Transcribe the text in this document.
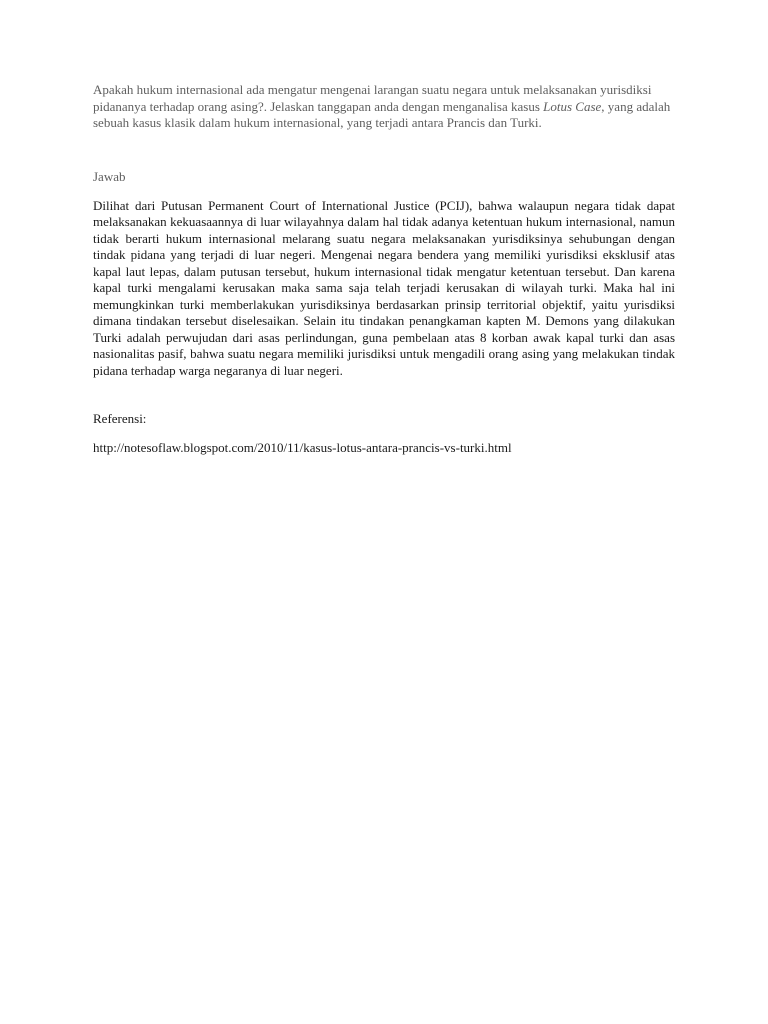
Apakah hukum internasional ada mengatur mengenai larangan suatu negara untuk melaksanakan yurisdiksi pidananya terhadap orang asing?. Jelaskan tanggapan anda dengan menganalisa kasus Lotus Case, yang adalah sebuah kasus klasik dalam hukum internasional, yang terjadi antara Prancis dan Turki.

Jawab
Dilihat dari Putusan Permanent Court of International Justice (PCIJ), bahwa walaupun negara tidak dapat melaksanakan kekuasaannya di luar wilayahnya dalam hal tidak adanya ketentuan hukum internasional, namun tidak berarti hukum internasional melarang suatu negara melaksanakan yurisdiksinya sehubungan dengan tindak pidana yang terjadi di luar negeri. Mengenai negara bendera yang memiliki yurisdiksi eksklusif atas kapal laut lepas, dalam putusan tersebut, hukum internasional tidak mengatur ketentuan tersebut. Dan karena kapal turki mengalami kerusakan maka sama saja telah terjadi kerusakan di wilayah turki. Maka hal ini memungkinkan turki memberlakukan yurisdiksinya berdasarkan prinsip territorial objektif, yaitu yurisdiksi dimana tindakan tersebut diselesaikan. Selain itu tindakan penangkaman kapten M. Demons yang dilakukan Turki adalah perwujudan dari asas perlindungan, guna pembelaan atas 8 korban awak kapal turki dan asas nasionalitas pasif, bahwa suatu negara memiliki jurisdiksi untuk mengadili orang asing yang melakukan tindak pidana terhadap warga negaranya di luar negeri.
Referensi:
http://notesoflaw.blogspot.com/2010/11/kasus-lotus-antara-prancis-vs-turki.html
